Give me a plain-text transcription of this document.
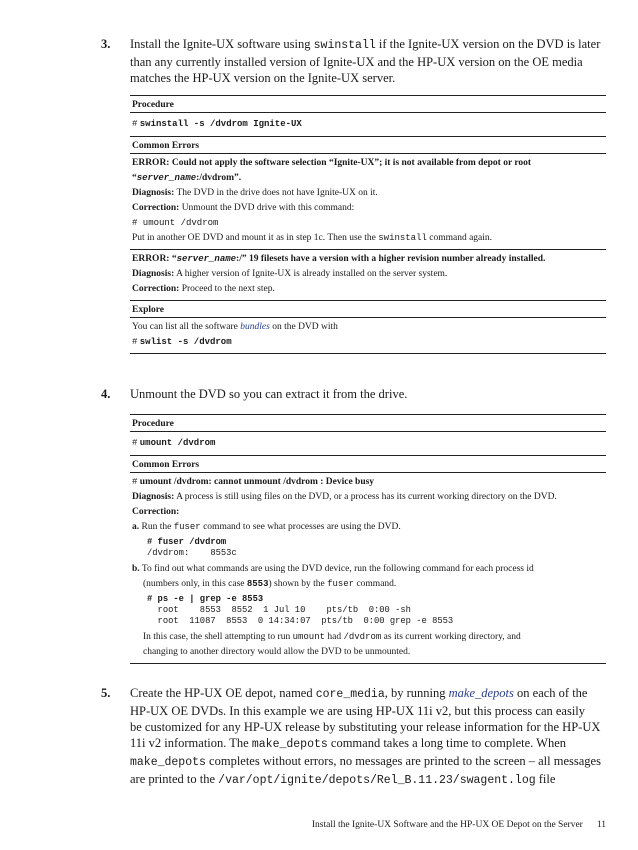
3. Install the Ignite-UX software using swinstall if the Ignite-UX version on the DVD is later
than any currently installed version of Ignite-UX and the HP-UX version on the OE media
matches the HP-UX version on the Ignite-UX server.
Procedure
# swinstall -s /dvdrom Ignite-UX
Common Errors
ERROR: Could not apply the software selection “Ignite-UX”; it is not available from depot or root
“server_name:/dvdrom”.
Diagnosis: The DVD in the drive does not have Ignite-UX on it.
Correction: Unmount the DVD drive with this command:
# umount /dvdrom
Put in another OE DVD and mount it as in step 1c. Then use the swinstall command again.
ERROR: “server_name:/” 19 filesets have a version with a higher revision number already installed.
Diagnosis: A higher version of Ignite-UX is already installed on the server system.
Correction: Proceed to the next step.
Explore
You can list all the software bundles on the DVD with
# swlist -s /dvdrom
4. Unmount the DVD so you can extract it from the drive.
Procedure
# umount /dvdrom
Common Errors
# umount /dvdrom: cannot unmount /dvdrom : Device busy
Diagnosis: A process is still using files on the DVD, or a process has its current working directory on the DVD.
Correction:
a. Run the fuser command to see what processes are using the DVD.
# fuser /dvdrom
/dvdrom:    8553c
b. To find out what commands are using the DVD device, run the following command for each process id
(numbers only, in this case 8553) shown by the fuser command.
# ps -e | grep -e 8553
root    8553  8552  1 Jul 10    pts/tb  0:00 -sh
root  11087  8553  0 14:34:07  pts/tb  0:00 grep -e 8553
In this case, the shell attempting to run umount had /dvdrom as its current working directory, and
changing to another directory would allow the DVD to be unmounted.
5. Create the HP-UX OE depot, named core_media, by running make_depots on each of the
HP-UX OE DVDs. In this example we are using HP-UX 11i v2, but this process can easily
be customized for any HP-UX release by substituting your release information for the HP-UX
11i v2 information. The make_depots command takes a long time to complete. When
make_depots completes without errors, no messages are printed to the screen – all messages
are printed to the /var/opt/ignite/depots/Rel_B.11.23/swagent.log file
Install the Ignite-UX Software and the HP-UX OE Depot on the Server 11
